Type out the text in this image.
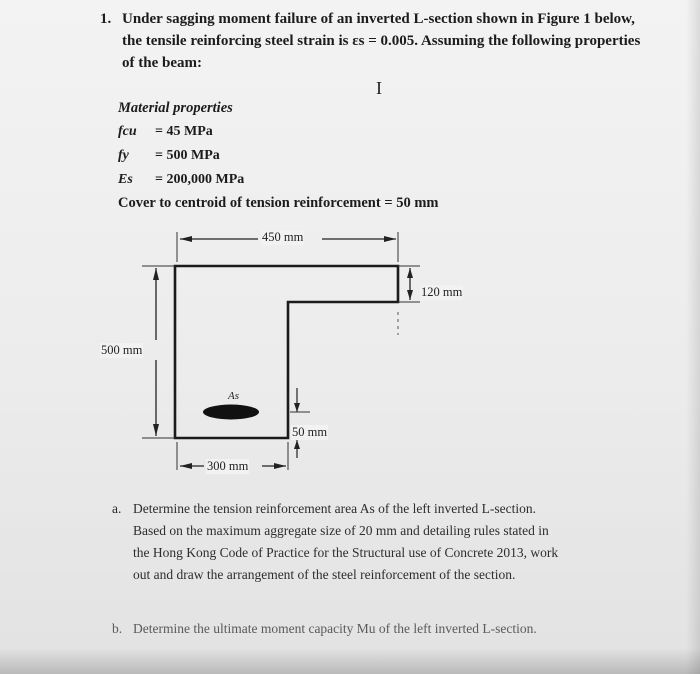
1. Under sagging moment failure of an inverted L-section shown in Figure 1 below,
the tensile reinforcing steel strain is εs = 0.005. Assuming the following properties
of the beam:
I
Material properties
fcu = 45 MPa
fy = 500 MPa
Es = 200,000 MPa
Cover to centroid of tension reinforcement = 50 mm
450 mm
120 mm
500 mm
300 mm
50 mm
As
a. Determine the tension reinforcement area As of the left inverted L-section.
Based on the maximum aggregate size of 20 mm and detailing rules stated in
the Hong Kong Code of Practice for the Structural use of Concrete 2013, work
out and draw the arrangement of the steel reinforcement of the section.
b. Determine the ultimate moment capacity Mu of the left inverted L-section.
